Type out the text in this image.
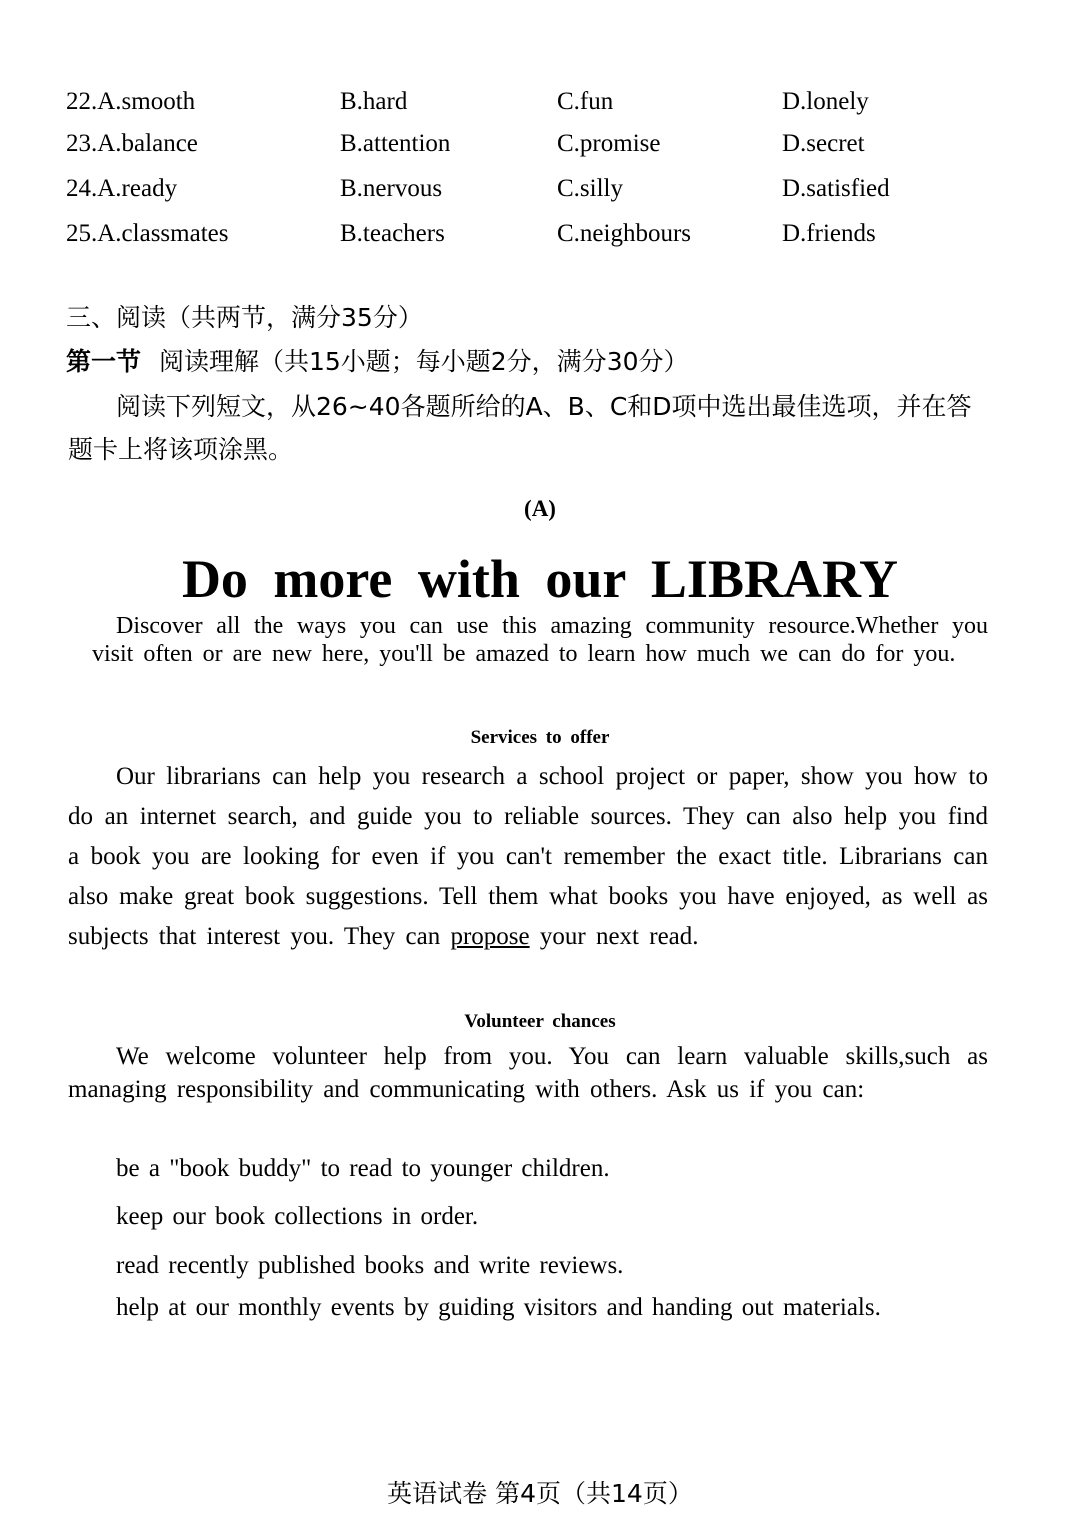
22.A.smooth	B.hard	C.fun	D.lonely
23.A.balance	B.attention	C.promise	D.secret
24.A.ready	B.nervous	C.silly	D.satisfied
25.A.classmates	B.teachers	C.neighbours	D.friends
三、阅读（共两节，满分35分）
第一节 阅读理解（共15小题；每小题2分，满分30分）
阅读下列短文，从26~40各题所给的A、B、C和D项中选出最佳选项，并在答
题卡上将该项涂黑。
(A)
Do more with our LIBRARY

Discover all the ways you can use this amazing community resource.Whether you visit often or are new here, you'll be amazed to learn how much we can do for you.

Services to offer

Our librarians can help you research a school project or paper, show you how to do an internet search, and guide you to reliable sources. They can also help you find a book you are looking for even if you can't remember the exact title. Librarians can also make great book suggestions. Tell them what books you have enjoyed, as well as subjects that interest you. They can propose your next read.

Volunteer chances

We welcome volunteer help from you. You can learn valuable skills,such as managing responsibility and communicating with others. Ask us if you can:

be a "book buddy" to read to younger children.
keep our book collections in order.
read recently published books and write reviews.
help at our monthly events by guiding visitors and handing out materials.
英语试卷 第4页（共14页）
